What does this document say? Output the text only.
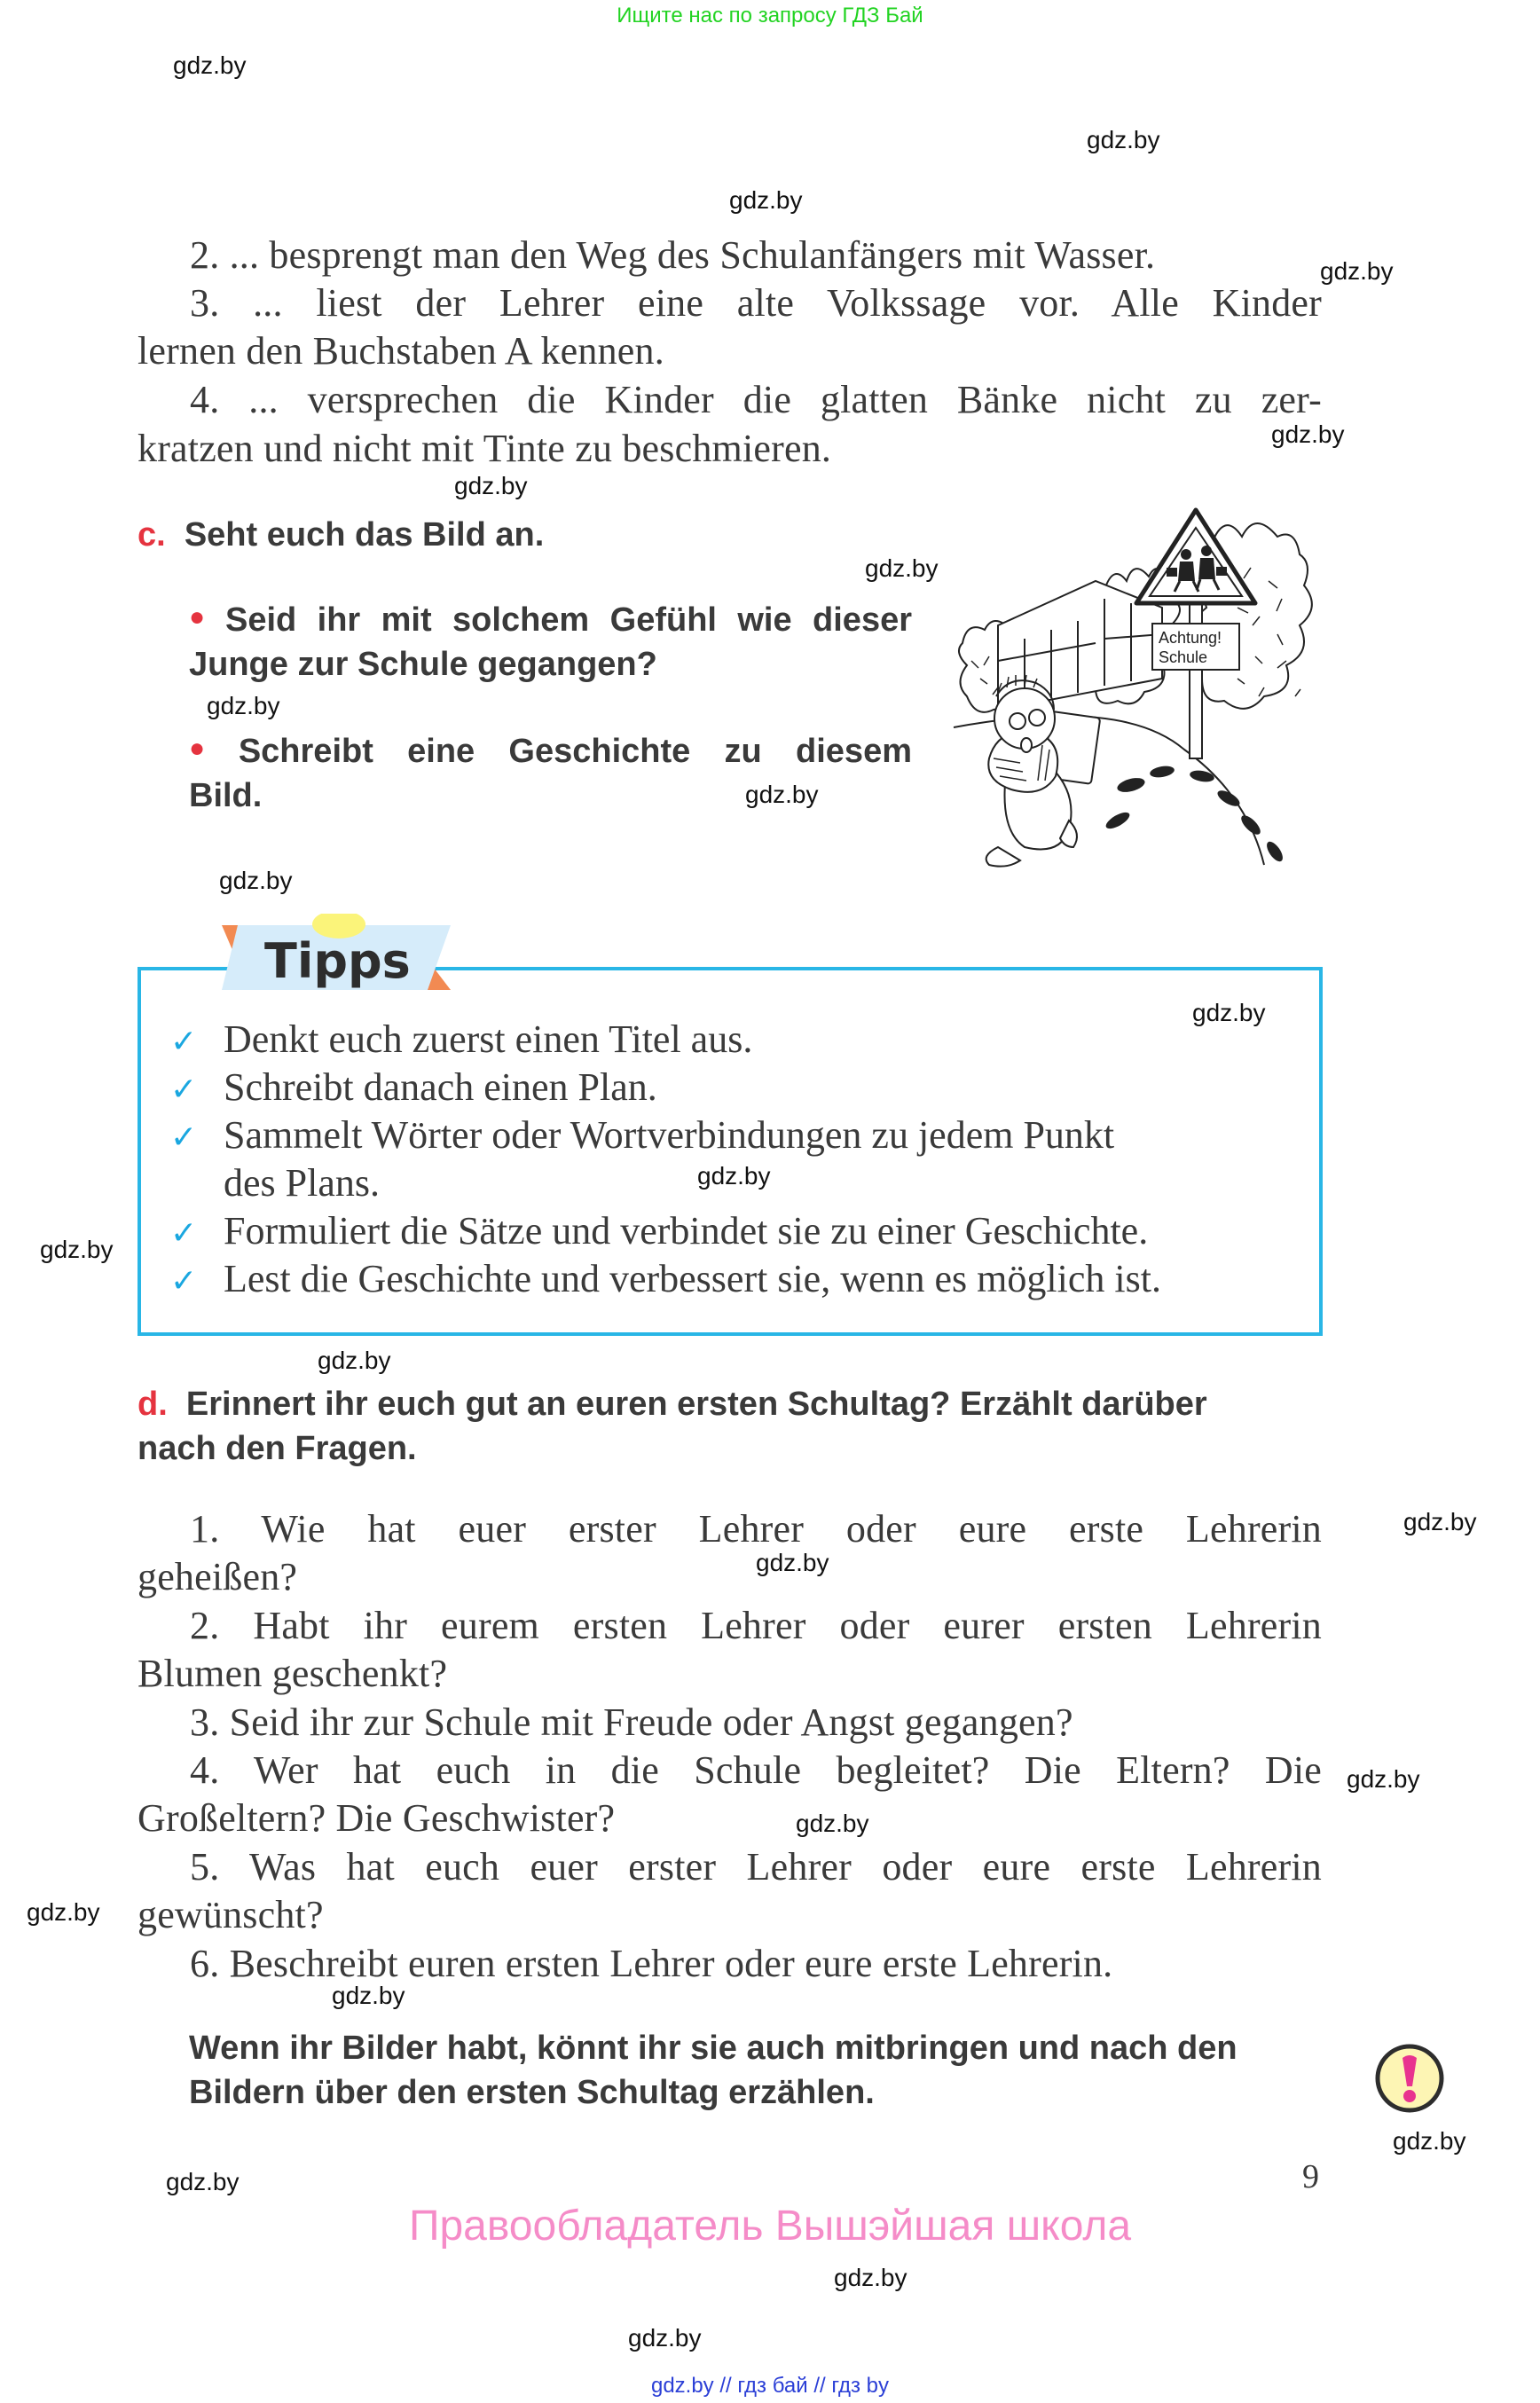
Ищите нас по запросу ГДЗ Бай
gdz.by
gdz.by
gdz.by
gdz.by
gdz.by
gdz.by
gdz.by
gdz.by
gdz.by
gdz.by
gdz.by
gdz.by
gdz.by
gdz.by
gdz.by
gdz.by
gdz.by
gdz.by
gdz.by
gdz.by
gdz.by
gdz.by
gdz.by
gdz.by
2. ... besprengt man den Weg des Schulanfängers mit Wasser.
3. ... liest der Lehrer eine alte Volkssage vor. Alle Kinder
lernen den Buchstaben A kennen.
4. ... versprechen die Kinder die glatten Bänke nicht zu zer-
kratzen und nicht mit Tinte zu beschmieren.
c. Seht euch das Bild an.
● Seid ihr mit solchem Gefühl wie dieser
Junge zur Schule gegangen?
● Schreibt eine Geschichte zu diesem
Bild.
Achtung!
Schule
Tipps
✓ Denkt euch zuerst einen Titel aus.
✓ Schreibt danach einen Plan.
✓ Sammelt Wörter oder Wortverbindungen zu jedem Punkt
des Plans.
✓ Formuliert die Sätze und verbindet sie zu einer Geschichte.
✓ Lest die Geschichte und verbessert sie, wenn es möglich ist.
d. Erinnert ihr euch gut an euren ersten Schultag? Erzählt darüber
nach den Fragen.
1. Wie hat euer erster Lehrer oder eure erste Lehrerin
geheißen?
2. Habt ihr eurem ersten Lehrer oder eurer ersten Lehrerin
Blumen geschenkt?
3. Seid ihr zur Schule mit Freude oder Angst gegangen?
4. Wer hat euch in die Schule begleitet? Die Eltern? Die
Großeltern? Die Geschwister?
5. Was hat euch euer erster Lehrer oder eure erste Lehrerin
gewünscht?
6. Beschreibt euren ersten Lehrer oder eure erste Lehrerin.
Wenn ihr Bilder habt, könnt ihr sie auch mitbringen und nach den
Bildern über den ersten Schultag erzählen.
9
Правообладатель Вышэйшая школа
gdz.by // гдз бай // гдз by
